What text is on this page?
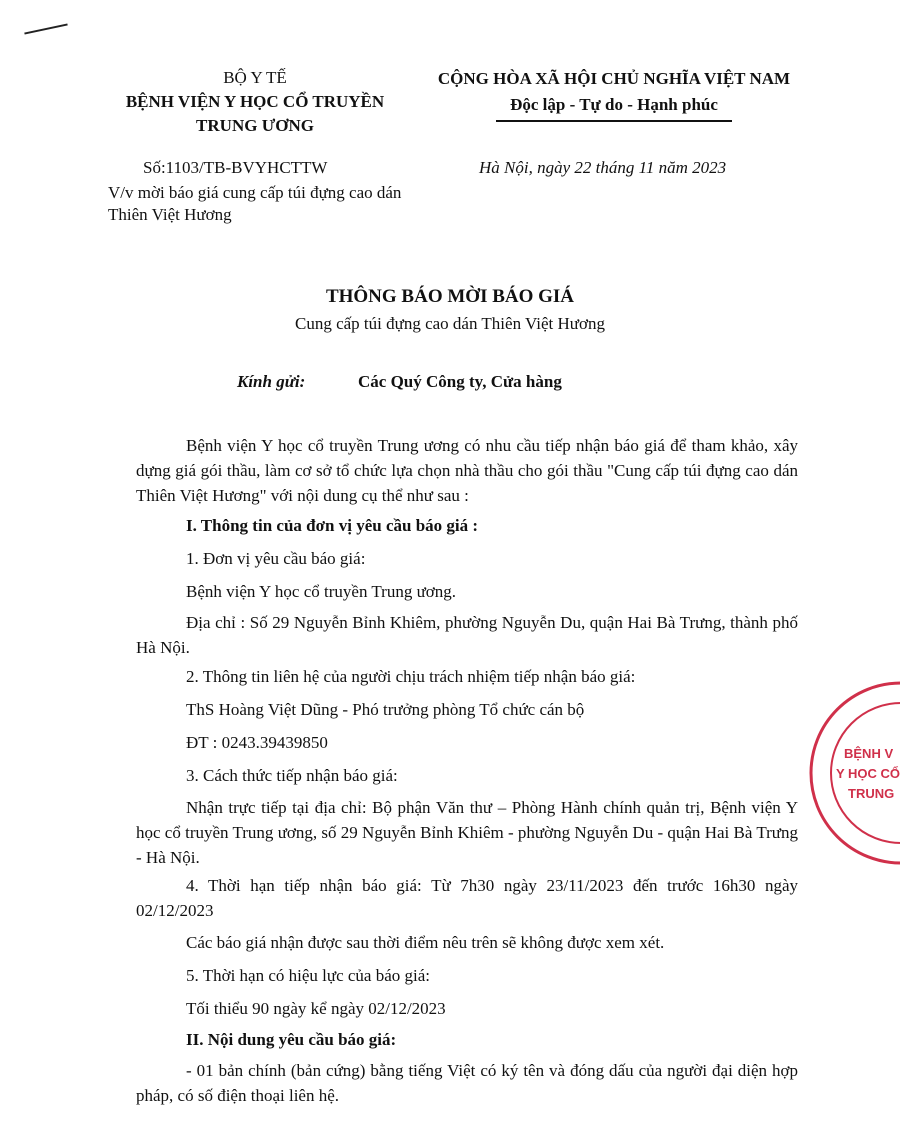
BỘ Y TẾ
BỆNH VIỆN Y HỌC CỔ TRUYỀN
TRUNG ƯƠNG
CỘNG HÒA XÃ HỘI CHỦ NGHĨA VIỆT NAM
Độc lập - Tự do - Hạnh phúc
Số:1103/TB-BVYHCTTW	Hà Nội, ngày 22 tháng 11 năm 2023
V/v mời báo giá cung cấp túi đựng cao dán Thiên Việt Hương
THÔNG BÁO MỜI BÁO GIÁ
Cung cấp túi đựng cao dán Thiên Việt Hương
Kính gửi:	Các Quý Công ty, Cửa hàng
Bệnh viện Y học cổ truyền Trung ương có nhu cầu tiếp nhận báo giá để tham khảo, xây dựng giá gói thầu, làm cơ sở tổ chức lựa chọn nhà thầu cho gói thầu "Cung cấp túi đựng cao dán Thiên Việt Hương" với nội dung cụ thể như sau :
I. Thông tin của đơn vị yêu cầu báo giá :
1. Đơn vị yêu cầu báo giá:
Bệnh viện Y học cổ truyền Trung ương.
Địa chỉ : Số 29 Nguyễn Bỉnh Khiêm, phường Nguyễn Du, quận Hai Bà Trưng, thành phố Hà Nội.
2. Thông tin liên hệ của người chịu trách nhiệm tiếp nhận báo giá:
ThS Hoàng Việt Dũng - Phó trưởng phòng Tổ chức cán bộ
ĐT : 0243.39439850
3. Cách thức tiếp nhận báo giá:
Nhận trực tiếp tại địa chỉ: Bộ phận Văn thư – Phòng Hành chính quản trị, Bệnh viện Y học cổ truyền Trung ương, số 29 Nguyễn Bỉnh Khiêm - phường Nguyễn Du - quận Hai Bà Trưng - Hà Nội.
4. Thời hạn tiếp nhận báo giá: Từ 7h30 ngày 23/11/2023 đến trước 16h30 ngày 02/12/2023
Các báo giá nhận được sau thời điểm nêu trên sẽ không được xem xét.
5. Thời hạn có hiệu lực của báo giá:
Tối thiểu 90 ngày kể ngày 02/12/2023
II. Nội dung yêu cầu báo giá:
- 01 bản chính (bản cứng) bằng tiếng Việt có ký tên và đóng dấu của người đại diện hợp pháp, có số điện thoại liên hệ.
BỆNH V
Y HỌC CỔ
TRUNG
